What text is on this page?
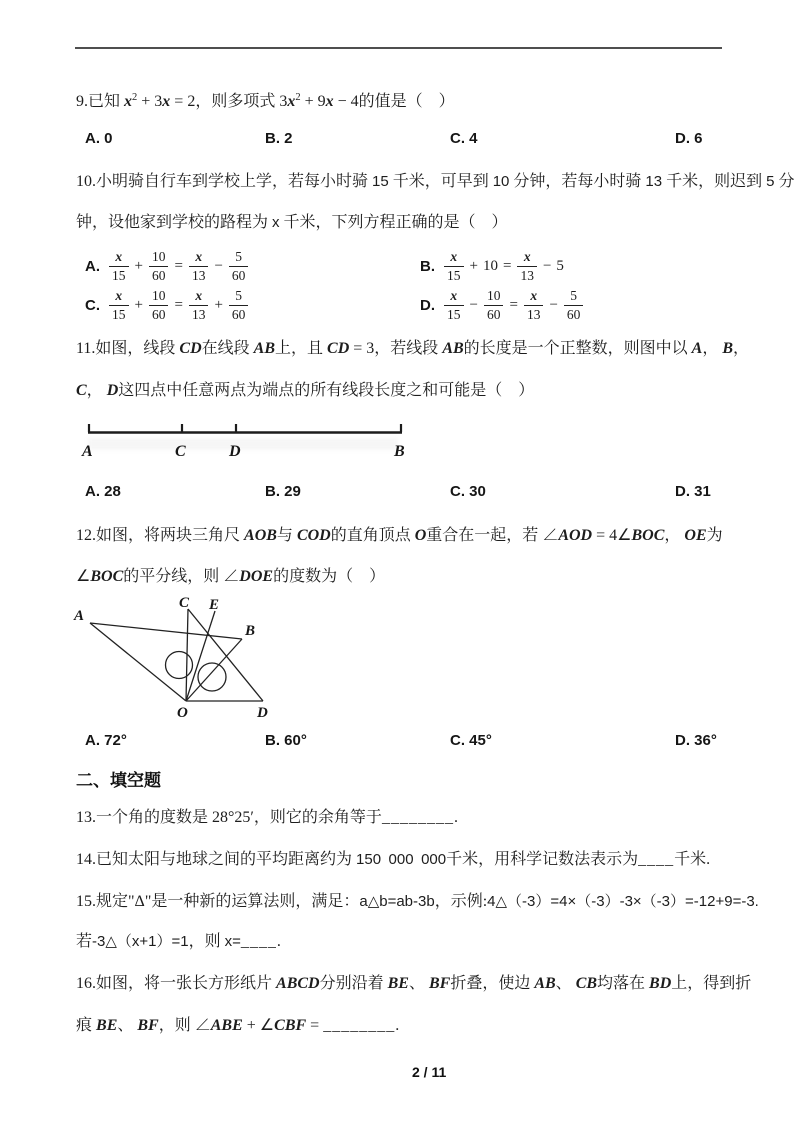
9.已知 $x^2 + 3x = 2$，则多项式 $3x^2 + 9x - 4$的值是（　）
A. 0	B. 2	C. 4	D. 6
10.小明骑自行车到学校上学，若每小时骑 15 千米，可早到 10 分钟，若每小时骑 13 千米，则迟到 5 分
钟，设他家到学校的路程为 x 千米，下列方程正确的是（　）
A. $\frac{x}{15} + \frac{10}{60} = \frac{x}{13} - \frac{5}{60}$	B. $\frac{x}{15} + 10 = \frac{x}{13} - 5$
C. $\frac{x}{15} + \frac{10}{60} = \frac{x}{13} + \frac{5}{60}$	D. $\frac{x}{15} - \frac{10}{60} = \frac{x}{13} - \frac{5}{60}$
11.如图，线段 CD在线段 AB上，且 CD = 3，若线段 AB的长度是一个正整数，则图中以 A， B，
C， D这四点中任意两点为端点的所有线段长度之和可能是（　）
A	C	D	B
A. 28	B. 29	C. 30	D. 31
12.如图，将两块三角尺 AOB与 COD的直角顶点 O重合在一起，若 ∠AOD = 4∠BOC， OE为
∠BOC的平分线，则 ∠DOE的度数为（　）
A
C E
B
O	D
A. 72°	B. 60°	C. 45°	D. 36°
二、填空题
13.一个角的度数是 28°25′，则它的余角等于________.
14.已知太阳与地球之间的平均距离约为 150 000 000千米，用科学记数法表示为____千米.
15.规定"Δ"是一种新的运算法则，满足：a△b=ab-3b，示例:4△（-3）=4×（-3）-3×（-3）=-12+9=-3.
若-3△（x+1）=1，则 x=____.
16.如图，将一张长方形纸片 ABCD分别沿着 BE、 BF折叠，使边 AB、 CB均落在 BD上，得到折
痕 BE、 BF，则 ∠ABE + ∠CBF = ________.
2 / 11
